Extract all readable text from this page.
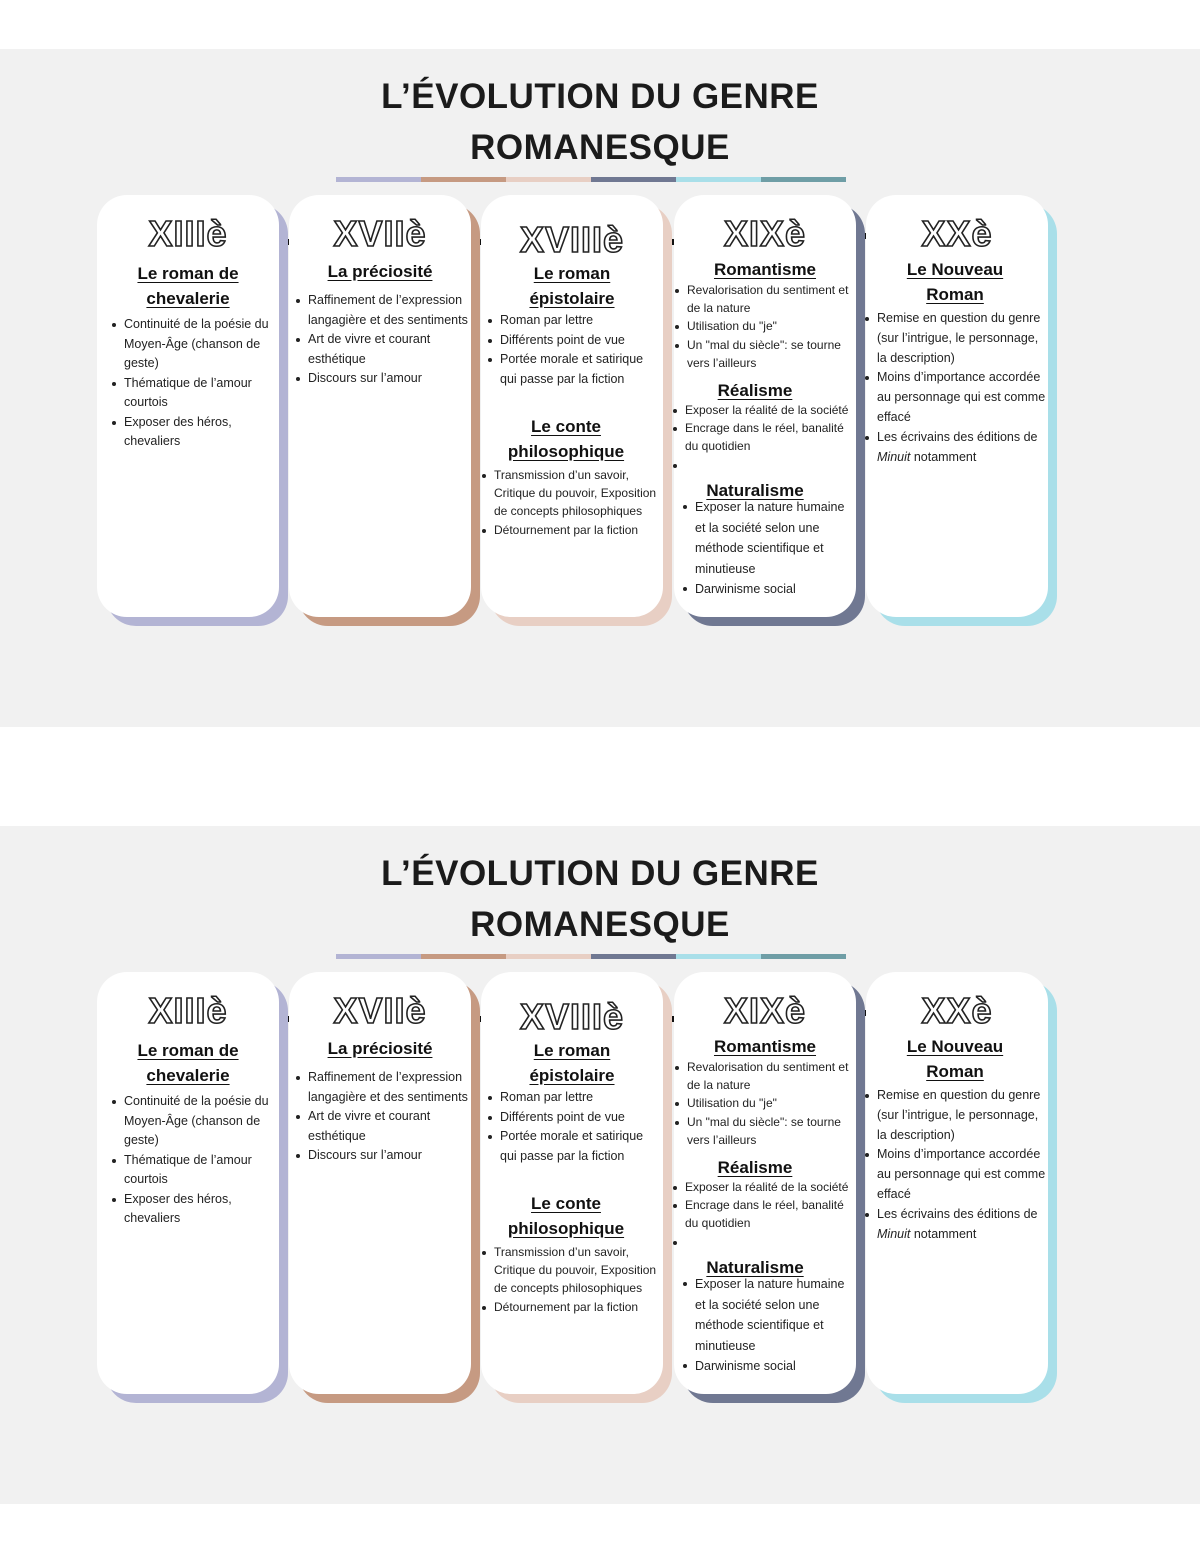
L’ÉVOLUTION DU GENRE
ROMANESQUE
XIIIè
Le roman de
chevalerie
Continuité de la poésie du Moyen-Âge (chanson de geste)
Thématique de l’amour courtois
Exposer des héros, chevaliers
XVIIè
La préciosité
Raffinement de l’expression langagière et des sentiments
Art de vivre et courant esthétique
Discours sur l’amour
XVIIIè
Le roman
épistolaire
Roman par lettre
Différents point de vue
Portée morale et satirique qui passe par la fiction
Le conte
philosophique
Transmission d’un savoir, Critique du pouvoir, Exposition de concepts philosophiques
Détournement par la fiction
XIXè
Romantisme
Revalorisation du sentiment et de la nature
Utilisation du "je"
Un "mal du siècle": se tourne vers l’ailleurs
Réalisme
Exposer la réalité de la société
Encrage dans le réel, banalité du quotidien
Naturalisme
Exposer la nature humaine et la société selon une méthode scientifique et minutieuse
Darwinisme social
XXè
Le Nouveau
Roman
Remise en question du genre (sur l’intrigue, le personnage, la description)
Moins d’importance accordée au personnage qui est comme effacé
Les écrivains des éditions de Minuit notamment
L’ÉVOLUTION DU GENRE
ROMANESQUE
XIIIè
Le roman de
chevalerie
Continuité de la poésie du Moyen-Âge (chanson de geste)
Thématique de l’amour courtois
Exposer des héros, chevaliers
XVIIè
La préciosité
Raffinement de l’expression langagière et des sentiments
Art de vivre et courant esthétique
Discours sur l’amour
XVIIIè
Le roman
épistolaire
Roman par lettre
Différents point de vue
Portée morale et satirique qui passe par la fiction
Le conte
philosophique
Transmission d’un savoir, Critique du pouvoir, Exposition de concepts philosophiques
Détournement par la fiction
XIXè
Romantisme
Revalorisation du sentiment et de la nature
Utilisation du "je"
Un "mal du siècle": se tourne vers l’ailleurs
Réalisme
Exposer la réalité de la société
Encrage dans le réel, banalité du quotidien
Naturalisme
Exposer la nature humaine et la société selon une méthode scientifique et minutieuse
Darwinisme social
XXè
Le Nouveau
Roman
Remise en question du genre (sur l’intrigue, le personnage, la description)
Moins d’importance accordée au personnage qui est comme effacé
Les écrivains des éditions de Minuit notamment
